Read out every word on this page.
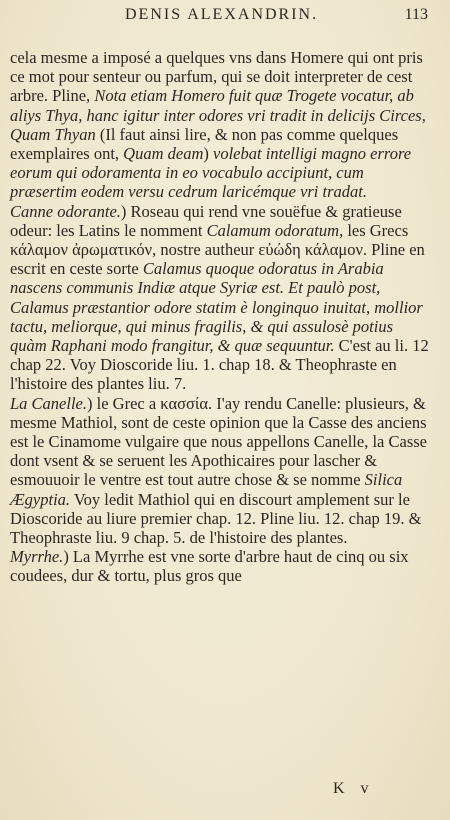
DENIS ALEXANDRIN.	113

cela mesme a imposé a quelques vns dans Homere qui ont pris ce mot pour senteur ou parfum, qui se doit interpreter de cest arbre. Pline, Nota etiam Homero fuit quæ Trogete vocatur, ab aliys Thya, hanc igitur inter odores vri tradit in delicijs Circes, Quam Thyan (Il faut ainsi lire, & non pas comme quelques exemplaires ont, Quam deam) volebat intelligi magno errore eorum qui odoramenta in eo vocabulo accipiunt, cum præsertim eodem versu cedrum laricémque vri tradat.

Canne odorante.) Roseau qui rend vne souëfue & gratieuse odeur: les Latins le nomment Calamum odoratum, les Grecs κάλαμον ἀρωματικόν, nostre autheur εὐώδη κάλαμον. Pline en escrit en ceste sorte Calamus quoque odoratus in Arabia nascens communis Indiæ atque Syriæ est. Et paulò post, Calamus præstantior odore statim è longinquo inuitat, mollior tactu, meliorque, qui minus fragilis, & qui assulosè potius quàm Raphani modo frangitur, & quæ sequuntur. C'est au li. 12 chap 22. Voy Dioscoride liu. 1. chap 18. & Theophraste en l'histoire des plantes liu. 7.

La Canelle.) le Grec a κασσία. I'ay rendu Canelle: plusieurs, & mesme Mathiol, sont de ceste opinion que la Casse des anciens est le Cinamome vulgaire que nous appellons Canelle, la Casse dont vsent & se seruent les Apothicaires pour lascher & esmouuoir le ventre est tout autre chose & se nomme Silica Ægyptia. Voy ledit Mathiol qui en discourt amplement sur le Dioscoride au liure premier chap. 12. Pline liu. 12. chap 19. & Theophraste liu. 9 chap. 5. de l'histoire des plantes.

Myrrhe.) La Myrrhe est vne sorte d'arbre haut de cinq ou six coudees, dur & tortu, plus gros que

K v
